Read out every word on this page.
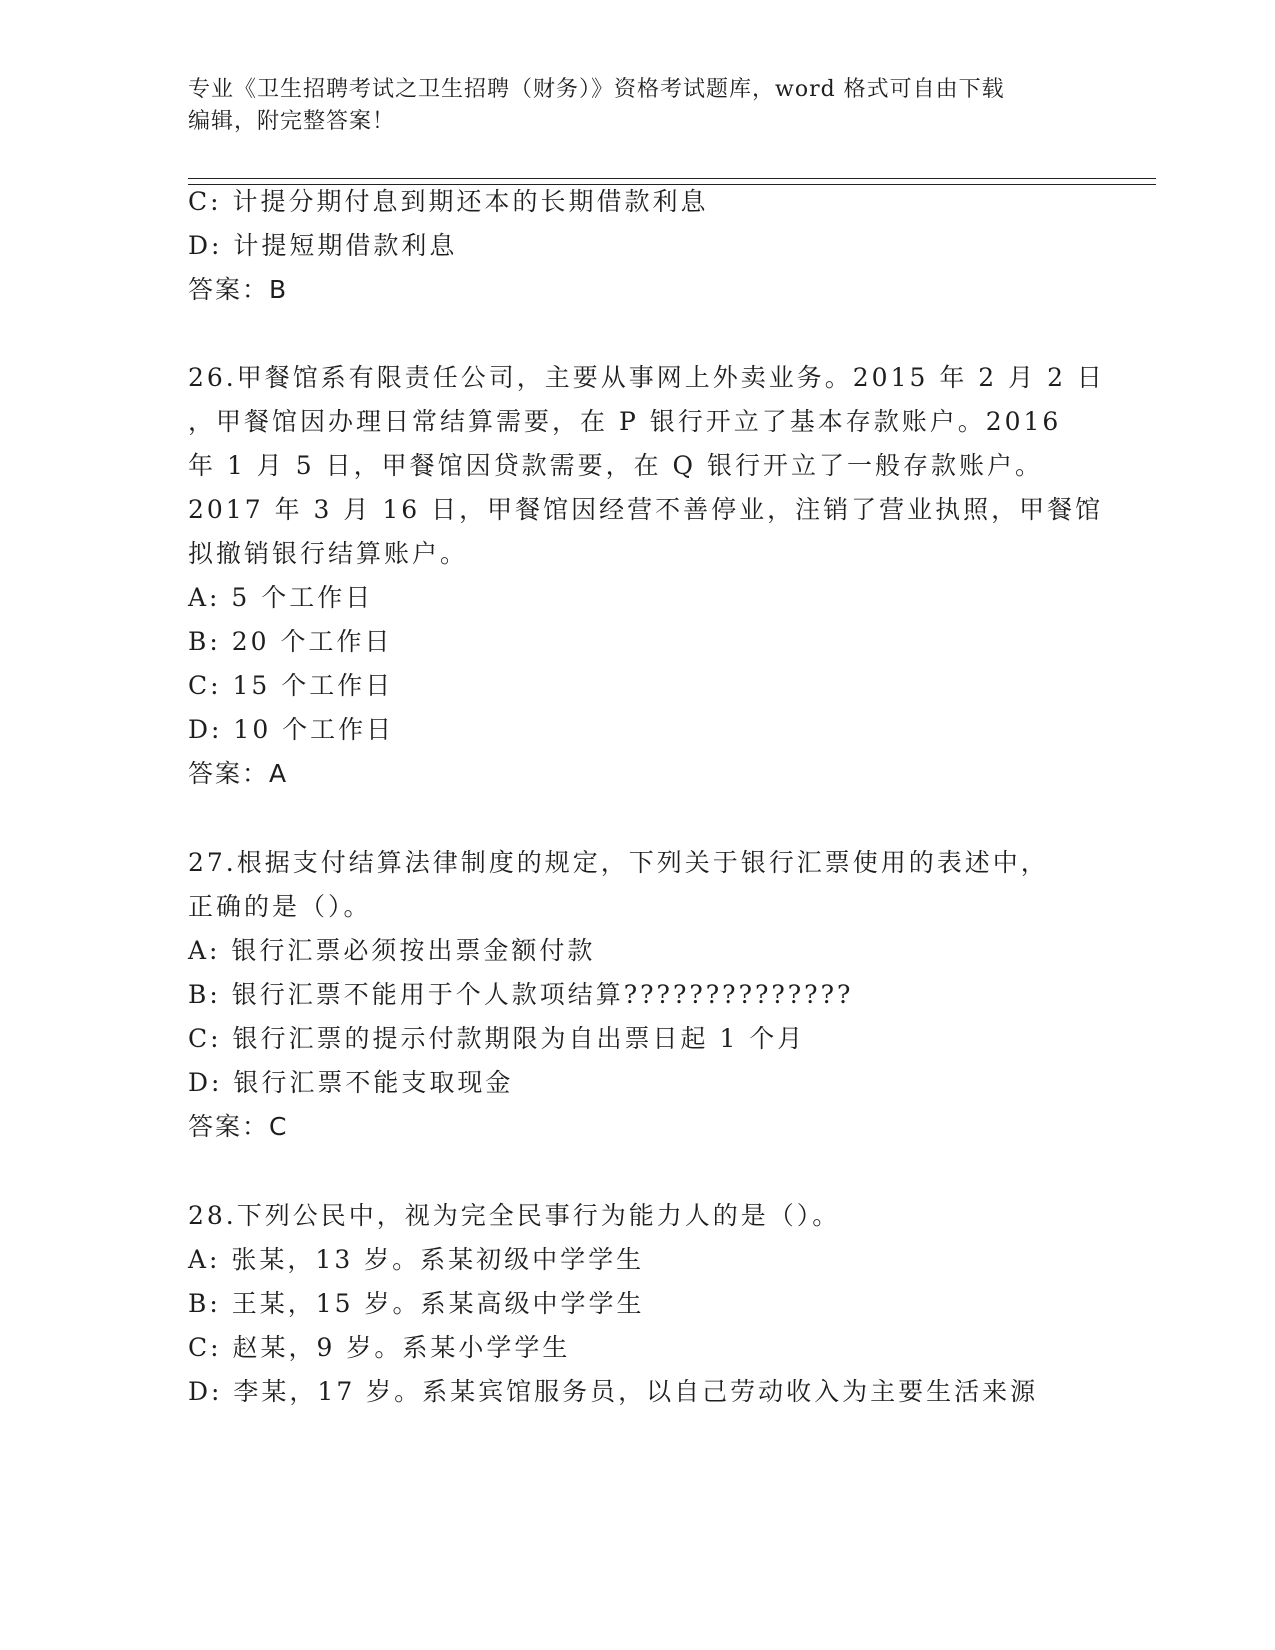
专业《卫生招聘考试之卫生招聘（财务）》资格考试题库，word 格式可自由下载
编辑，附完整答案！
C: 计提分期付息到期还本的长期借款利息
D: 计提短期借款利息
答案：B
26.甲餐馆系有限责任公司，主要从事网上外卖业务。2015 年 2 月 2 日
，甲餐馆因办理日常结算需要，在 P 银行开立了基本存款账户。2016
年 1 月 5 日，甲餐馆因贷款需要，在 Q 银行开立了一般存款账户。
2017 年 3 月 16 日，甲餐馆因经营不善停业，注销了营业执照，甲餐馆
拟撤销银行结算账户。
A: 5 个工作日
B: 20 个工作日
C: 15 个工作日
D: 10 个工作日
答案：A
27.根据支付结算法律制度的规定，下列关于银行汇票使用的表述中，
正确的是（）。
A: 银行汇票必须按出票金额付款
B: 银行汇票不能用于个人款项结算??????????????
C: 银行汇票的提示付款期限为自出票日起 1 个月
D: 银行汇票不能支取现金
答案：C
28.下列公民中，视为完全民事行为能力人的是（）。
A: 张某，13 岁。系某初级中学学生
B: 王某，15 岁。系某高级中学学生
C: 赵某，9 岁。系某小学学生
D: 李某，17 岁。系某宾馆服务员，以自己劳动收入为主要生活来源
